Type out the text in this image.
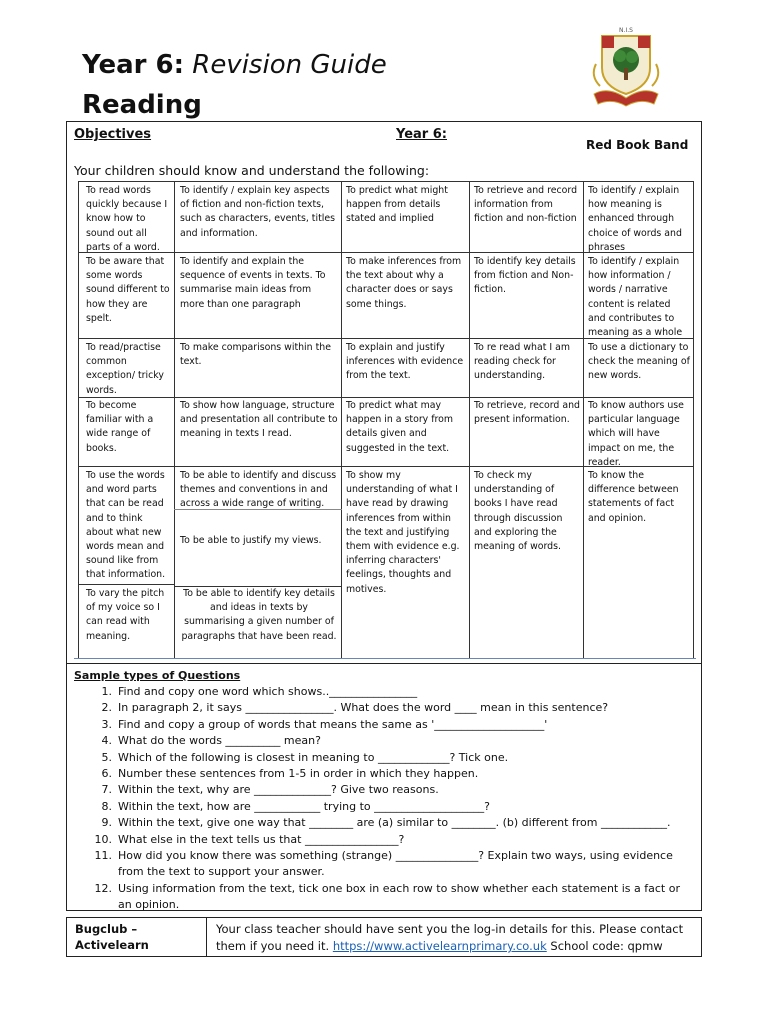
Year 6: Revision Guide
Reading
N.I.S
Objectives	Year 6:
Red Book Band
Your children should know and understand the following:
To read words quickly because I know how to sound out all parts of a word.
To be aware that some words sound different to how they are spelt.
To read/practise common exception/ tricky words.
To become familiar with a wide range of books.
To use the words and word parts that can be read and to think about what new words mean and sound like from that information.
To vary the pitch of my voice so I can read with meaning.
To identify / explain key aspects of fiction and non-fiction texts, such as characters, events, titles and information.
To identify and explain the sequence of events in texts. To summarise main ideas from more than one paragraph
To make comparisons within the text.
To show how language, structure and presentation all contribute to meaning in texts I read.
To be able to identify and discuss themes and conventions in and across a wide range of writing.
To be able to justify my views.
To be able to identify key details and ideas in texts by summarising a given number of paragraphs that have been read.
To predict what might happen from details stated and implied
To make inferences from the text about why a character does or says some things.
To explain and justify inferences with evidence from the text.
To predict what may happen in a story from details given and suggested in the text.
To show my understanding of what I have read by drawing inferences from within the text and justifying them with evidence e.g. inferring characters' feelings, thoughts and motives.
To retrieve and record information from fiction and non-fiction
To identify key details from fiction and Non-fiction.
To re read what I am reading check for understanding.
To retrieve, record and present information.
To check my understanding of books I have read through discussion and exploring the meaning of words.
To identify / explain how meaning is enhanced through choice of words and phrases
To identify / explain how information / words / narrative content is related and contributes to meaning as a whole
To use a dictionary to check the meaning of new words.
To know authors use particular language which will have impact on me, the reader.
To know the difference between statements of fact and opinion.
Sample types of Questions
1. Find and copy one word which shows..________________
2. In paragraph 2, it says ________________. What does the word ____ mean in this sentence?
3. Find and copy a group of words that means the same as '____________________'
4. What do the words __________ mean?
5. Which of the following is closest in meaning to _____________? Tick one.
6. Number these sentences from 1-5 in order in which they happen.
7. Within the text, why are ______________? Give two reasons.
8. Within the text, how are ____________ trying to ____________________?
9. Within the text, give one way that ________ are (a) similar to ________. (b) different from ____________.
10. What else in the text tells us that _________________?
11. How did you know there was something (strange) _______________? Explain two ways, using evidence from the text to support your answer.
12. Using information from the text, tick one box in each row to show whether each statement is a fact or an opinion.
Bugclub –
Activelearn
Your class teacher should have sent you the log-in details for this. Please contact them if you need it. https://www.activelearnprimary.co.uk School code: qpmw
